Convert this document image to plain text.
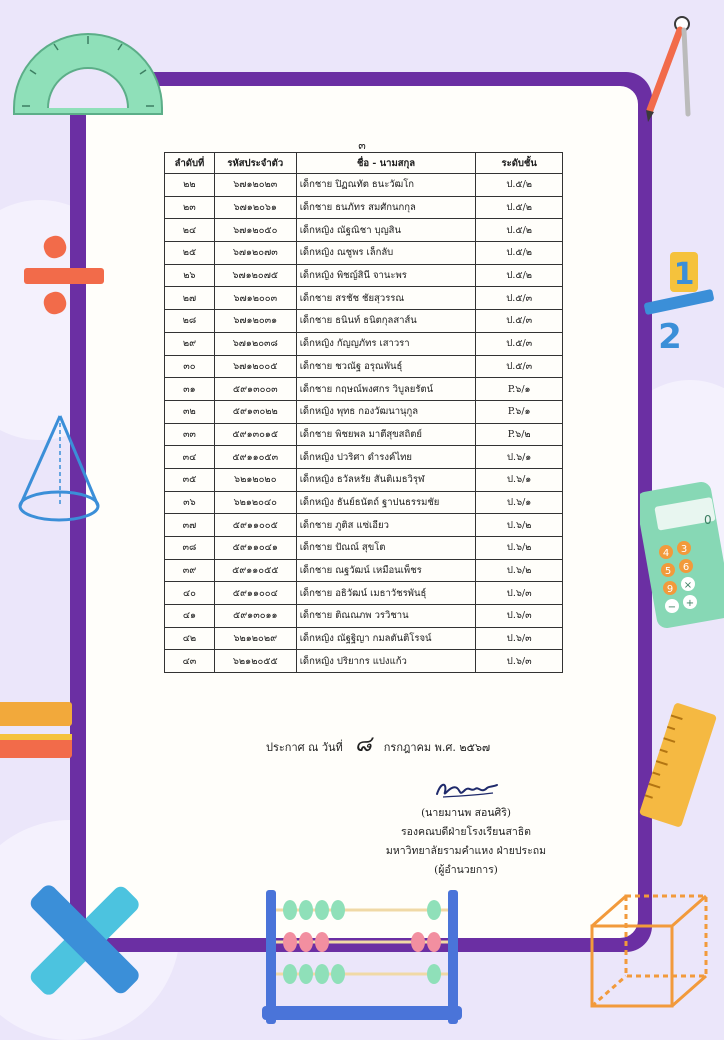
๓
ลำดับที่	รหัสประจำตัว	ชื่อ - นามสกุล	ระดับชั้น
๒๒	๖๗๑๒๐๒๓	เด็กชาย ปิฏณทัต ธนะวัฒโก	ป.๕/๒
๒๓	๖๗๑๒๐๖๑	เด็กชาย ธนภัทร สมศักนกกุล	ป.๕/๒
๒๔	๖๗๑๒๐๕๐	เด็กหญิง ณัฐณิชา บุญสิน	ป.๕/๒
๒๕	๖๗๑๒๐๗๓	เด็กหญิง ณชูพร เล็กลับ	ป.๕/๒
๒๖	๖๗๑๒๐๗๕	เด็กหญิง พิชญ์สินี จานะพร	ป.๕/๒
๒๗	๖๗๑๒๐๐๓	เด็กชาย สรชัช ชัยสุวรรณ	ป.๕/๓
๒๘	๖๗๑๒๐๓๑	เด็กชาย ธนินท์ ธนิตกุลสาส์น	ป.๕/๓
๒๙	๖๗๑๒๐๓๘	เด็กหญิง กัญญภัทร เสาวรา	ป.๕/๓
๓๐	๖๗๑๒๐๐๕	เด็กชาย ชวณัฐ อรุณพันธุ์	ป.๕/๓
๓๑	๕๙๑๓๐๐๓	เด็กชาย กฤษณ์พงศกร วิบูลยรัตน์	P.๖/๑
๓๒	๕๙๑๓๐๒๒	เด็กหญิง พุทธ กองวัฒนานุกูล	P.๖/๑
๓๓	๕๙๑๓๐๑๕	เด็กชาย พิชยพล มาตีสุขสถิตย์	P.๖/๒
๓๔	๕๙๑๑๐๕๓	เด็กหญิง ปวริศา ดำรงค์ไทย	ป.๖/๑
๓๕	๖๒๑๒๐๒๐	เด็กหญิง ธวัลหรัย สันติเมธวิรุฬ	ป.๖/๑
๓๖	๖๒๑๒๐๔๐	เด็กหญิง ธันย์ธนัตถ์ ฐาปนธรรมชัย	ป.๖/๑
๓๗	๕๙๑๑๐๐๕	เด็กชาย ภูติส แซ่เอียว	ป.๖/๒
๓๘	๕๙๑๑๐๔๑	เด็กชาย ปัณณ์ สุขโต	ป.๖/๒
๓๙	๕๙๑๑๐๕๕	เด็กชาย ณฐวัฒน์ เหมือนเพ็ชร	ป.๖/๒
๔๐	๕๙๑๑๐๐๔	เด็กชาย อธิวัฒน์ เมธาวัชรพันธุ์	ป.๖/๓
๔๑	๕๙๑๓๐๑๑	เด็กชาย ติณณภพ วรวิชาน	ป.๖/๓
๔๒	๖๒๑๒๐๒๙	เด็กหญิง ณัฐฐิญา กมลตันติโรจน์	ป.๖/๓
๔๓	๖๒๑๒๐๕๕	เด็กหญิง ปริยากร แปงแก้ว	ป.๖/๓
ประกาศ ณ วันที่ ๘ กรกฎาคม พ.ศ. ๒๕๖๗
(นายมานพ สอนศิริ)
รองคณบดีฝ่ายโรงเรียนสาธิต
มหาวิทยาลัยรามคำแหง ฝ่ายประถม
(ผู้อำนวยการ)
1
2
0
4 3
5 6
9 ×
− +
